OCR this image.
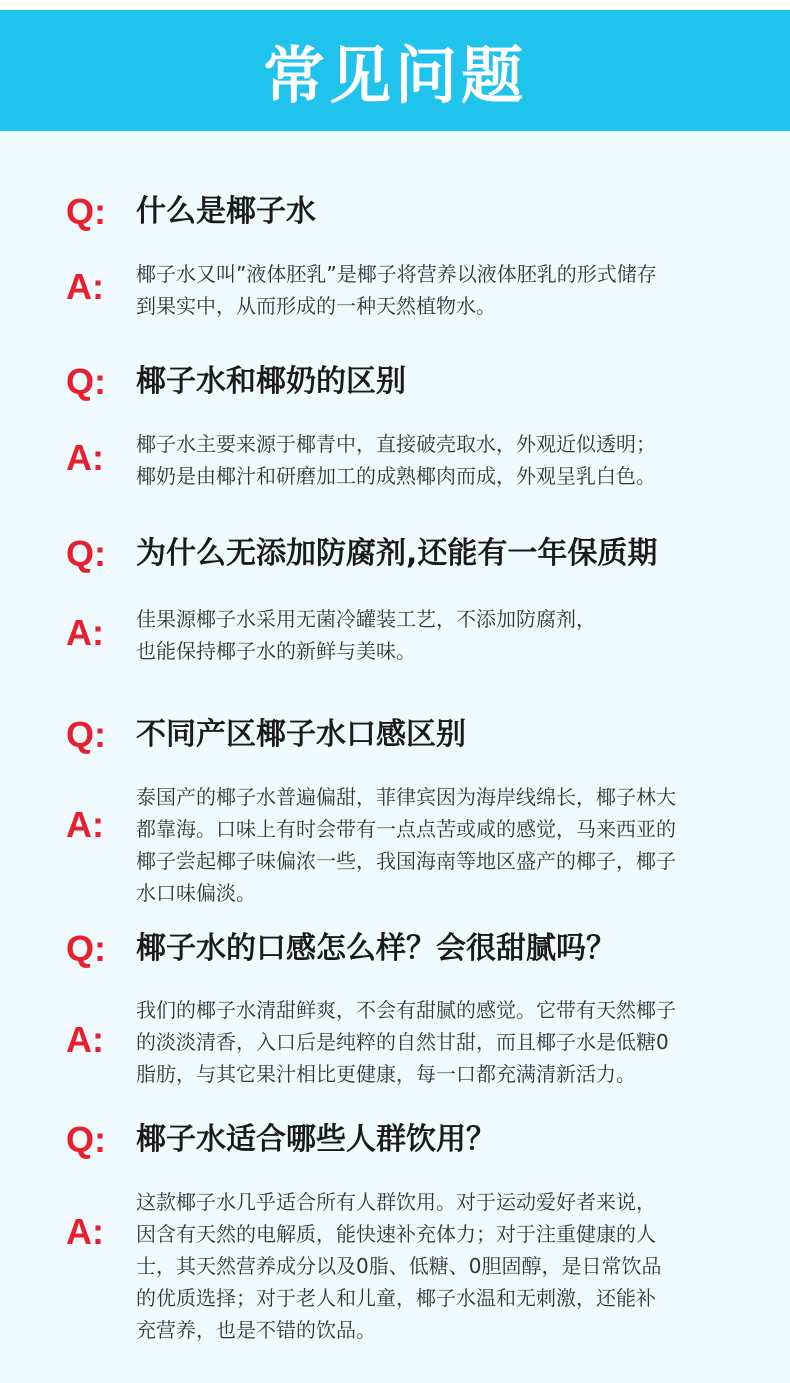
常见问题
Q: 什么是椰子水
A: 椰子水又叫”液体胚乳”是椰子将营养以液体胚乳的形式储存
到果实中，从而形成的一种天然植物水。
Q: 椰子水和椰奶的区别
A: 椰子水主要来源于椰青中，直接破壳取水，外观近似透明；
椰奶是由椰汁和研磨加工的成熟椰肉而成，外观呈乳白色。
Q: 为什么无添加防腐剂,还能有一年保质期
A: 佳果源椰子水采用无菌冷罐装工艺，不添加防腐剂，
也能保持椰子水的新鲜与美味。
Q: 不同产区椰子水口感区别
A:
泰国产的椰子水普遍偏甜，菲律宾因为海岸线绵长，椰子林大
都靠海。口味上有时会带有一点点苦或咸的感觉，马来西亚的
椰子尝起椰子味偏浓一些，我国海南等地区盛产的椰子，椰子
水口味偏淡。
Q: 椰子水的口感怎么样？会很甜腻吗？
A:
我们的椰子水清甜鲜爽，不会有甜腻的感觉。它带有天然椰子
的淡淡清香，入口后是纯粹的自然甘甜，而且椰子水是低糖0
脂肪，与其它果汁相比更健康，每一口都充满清新活力。
Q: 椰子水适合哪些人群饮用？
A:
这款椰子水几乎适合所有人群饮用。对于运动爱好者来说，
因含有天然的电解质，能快速补充体力；对于注重健康的人
士，其天然营养成分以及0脂、低糖、0胆固醇，是日常饮品
的优质选择；对于老人和儿童，椰子水温和无刺激，还能补
充营养，也是不错的饮品。
